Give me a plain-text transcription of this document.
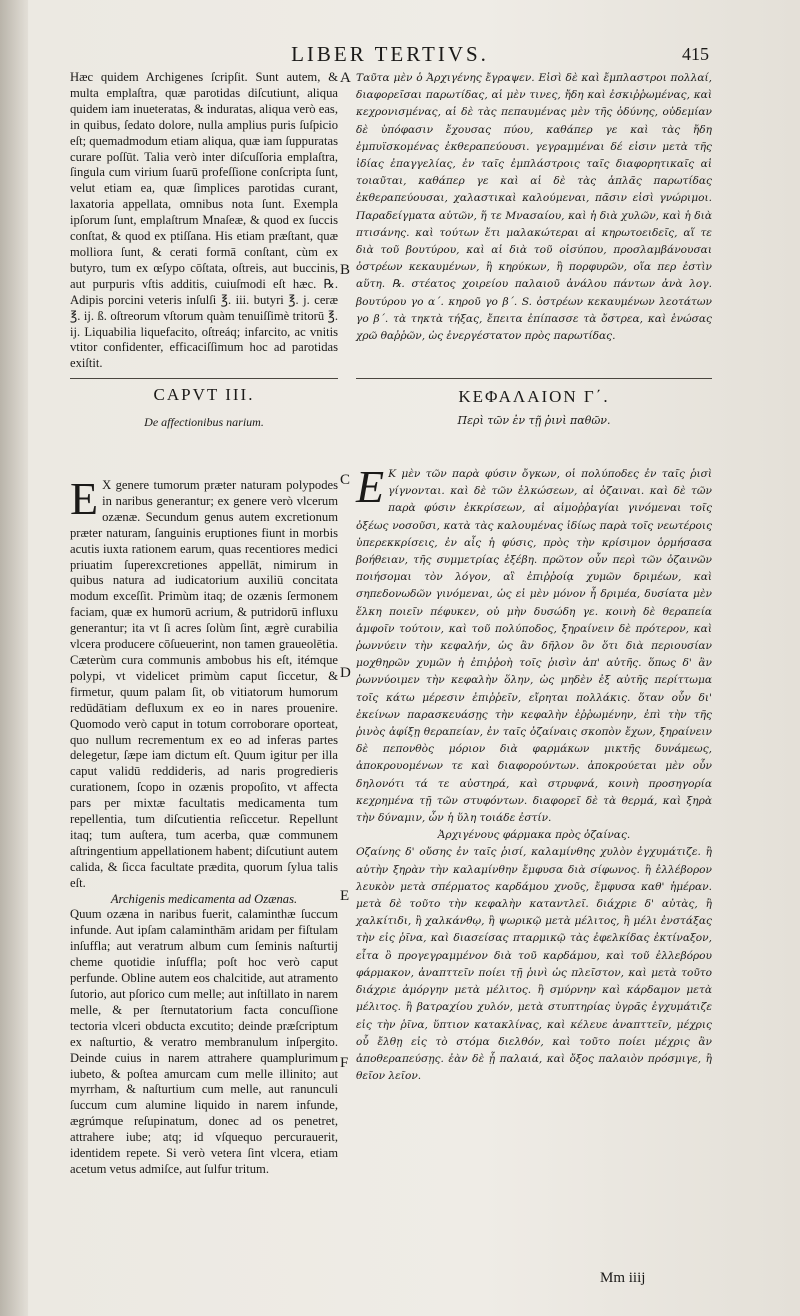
LIBER TERTIVS.	415

Hæc quidem Archigenes ſcripſit. Sunt autem, & multa emplaſtra, quæ parotidas diſcutiunt, aliqua quidem iam inueteratas, & induratas, aliqua verò eas, in quibus, ſedato dolore, nulla amplius puris ſuſpicio eſt; quemadmodum etiam aliqua, quæ iam ſuppuratas curare poſſūt. Talia verò inter diſcuſſoria emplaſtra, ſingula cum virium ſuarū profeſſione conſcripta ſunt, velut etiam ea, quæ ſimplices parotidas curant, laxatoria appellata, omnibus nota ſunt. Exempla ipſorum ſunt, emplaſtrum Mnaſeæ, & quod ex ſuccis conſtat, & quod ex ptiſſana. His etiam præſtant, quæ molliora ſunt, & cerati formā conſtant, cùm ex butyro, tum ex œſypo cōſtata, oſtreis, aut buccinis, aut purpuris vſtis additis, cuiuſmodi eſt hæc. ℞. Adipis porcini veteris inſulſi ℥. iii. butyri ℥. j. ceræ ℥. ij. ß. oſtreorum vſtorum quàm tenuiſſimè tritorū ℥. ij. Liquabilia liquefacito, oſtreáq; infarcito, ac vnitis vtitor confidenter, efficaciſſimum hoc ad parotidas exiſtit.

Ταῦτα μὲν ὁ Ἀρχιγένης ἔγραψεν. Εἰσὶ δὲ καὶ ἔμπλαστροι πολλαί, διαφορεῖσαι παρωτίδας, αἱ μὲν τινες, ἤδη καὶ ἐσκιῤῥωμένας, καὶ κεχρονισμένας, αἱ δὲ τὰς πεπαυμένας μὲν τῆς ὀδύνης, οὐδεμίαν δὲ ὑπόφασιν ἔχουσας πύου, καθάπερ γε καὶ τὰς ἤδη ἐμπυϊσκομένας ἐκθεραπεύουσι. γεγραμμέναι δέ εἰσιν μετὰ τῆς ἰδίας ἐπαγγελίας, ἐν ταῖς ἐμπλάστροις ταῖς διαφορητικαῖς αἱ τοιαῦται, καθάπερ γε καὶ αἱ δὲ τὰς ἁπλᾶς παρωτίδας ἐκθεραπεύουσαι, χαλαστικαὶ καλούμεναι, πᾶσιν εἰσὶ γνώριμοι. Παραδείγματα αὐτῶν, ἥ τε Μνασαίου, καὶ ἡ διὰ χυλῶν, καὶ ἡ διὰ πτισάνης. καὶ τούτων ἔτι μαλακώτεραι αἱ κηρωτοειδεῖς, αἵ τε διὰ τοῦ βουτύρου, καὶ αἱ διὰ τοῦ οἰσύπου, προσλαμβάνουσαι ὀστρέων κεκαυμένων, ἢ κηρύκων, ἢ πορφυρῶν, οἵα περ ἐστὶν αὕτη. ℞. στέατος χοιρείου παλαιοῦ ἀνάλου πάντων ἀνὰ λογ. βουτύρου γο α΄. κηροῦ γο β΄. S. ὀστρέων κεκαυμένων λεοτάτων γο β΄. τὰ τηκτὰ τήξας, ἔπειτα ἐπίπασσε τὰ ὄστρεα, καὶ ἑνώσας χρῶ θαῤῥῶν, ὡς ἐνεργέστατον πρὸς παρωτίδας.

A
B
C
D
E
F
CAPVT III.
De affectionibus narium.
ΚΕΦΑΛΑΙΟΝ Γ΄.
Περὶ τῶν ἐν τῇ ῥινὶ παθῶν.

E X genere tumorum præter naturam polypodes in naribus generantur; ex genere verò vlcerum ozænæ. Secundum genus autem excretionum præter naturam, ſanguinis eruptiones fiunt in morbis acutis iuxta rationem earum, quas recentiores medici priuatim ſuperexcretiones appellāt, nimirum in quibus natura ad iudicatorium auxiliū concitata modum exceſſit. Primùm itaq; de ozænis ſermonem faciam, quæ ex humorū acrium, & putridorū influxu generantur; ita vt ſi acres ſolùm ſint, ægrè curabilia vlcera producere cōſueuerint, non tamen graueolētia. Cæterùm cura communis ambobus his eſt, itémque polypi, vt videlicet primùm caput ſiccetur, & firmetur, quum palam ſit, ob vitiatorum humorum redūdātiam defluxum ex eo in nares prouenire. Quomodo verò caput in totum corroborare oporteat, quo nullum recrementum ex eo ad inferas partes delegetur, ſæpe iam dictum eſt. Quum igitur per illa caput validū reddideris, ad naris progredieris curationem, ſcopo in ozænis propoſito, vt affecta pars per mixtæ facultatis medicamenta tum repellentia, tum diſcutientia reſiccetur. Repellunt itaq; tum auſtera, tum acerba, quæ communem aſtringentium appellationem habent; diſcutiunt autem calida, & ſicca facultate prædita, quorum ſylua talis eſt.

Archigenis medicamenta ad Ozænas.

Quum ozæna in naribus fuerit, calaminthæ ſuccum infunde. Aut ipſam calaminthām aridam per fiſtulam inſuffla; aut veratrum album cum ſeminis naſturtij cheme quotidie inſuffla; poſt hoc verò caput perfunde. Obline autem eos chalcitide, aut atramento ſutorio, aut pſorico cum melle; aut inſtillato in narem melle, & per ſternutatorium facta concuſſione tectoria vlceri obducta excutito; deinde præſcriptum ex naſturtio, & veratro membranulum inſpergito. Deinde cuius in narem attrahere quamplurimum iubeto, & poſtea amurcam cum melle illinito; aut myrrham, & naſturtium cum melle, aut ranunculi ſuccum cum alumine liquido in narem infunde, ægrúmque reſupinatum, donec ad os penetret, attrahere iube; atq; id vſquequo percurauerit, identidem repete. Si verò vetera ſint vlcera, etiam acetum vetus admiſce, aut ſulfur tritum.

Ε Κ μὲν τῶν παρὰ φύσιν ὄγκων, οἱ πολύποδες ἐν ταῖς ῥισὶ γίγνονται. καὶ δὲ τῶν ἑλκώσεων, αἱ ὀζαιναι. καὶ δὲ τῶν παρὰ φύσιν ἐκκρίσεων, αἱ αἱμοῤῥαγίαι γινόμεναι τοῖς ὀξέως νοσοῦσι, κατὰ τὰς καλουμένας ἰδίως παρὰ τοῖς νεωτέροις ὑπερεκκρίσεις, ἐν αἷς ἡ φύσις, πρὸς τὴν κρίσιμον ὁρμήσασα βοήθειαν, τῆς συμμετρίας ἐξέβη. πρῶτον οὖν περὶ τῶν ὀζαινῶν ποιήσομαι τὸν λόγον, αἳ ἐπιῤῥοίᾳ χυμῶν δριμέων, καὶ σηπεδονωδῶν γινόμεναι, ὡς εἰ μὲν μόνον ἦ δριμέα, δυσίατα μὲν ἕλκη ποιεῖν πέφυκεν, οὐ μὴν δυσώδη γε. κοινὴ δὲ θεραπεία ἀμφοῖν τούτοιν, καὶ τοῦ πολύποδος, ξηραίνειν δὲ πρότερον, καὶ ῥωννύειν τὴν κεφαλήν, ὡς ἂν δῆλον ὂν ὅτι διὰ περιουσίαν μοχθηρῶν χυμῶν ἡ ἐπιῤῥοὴ τοῖς ῥισὶν ἀπ' αὐτῆς. ὅπως δ' ἂν ῥωννύοιμεν τὴν κεφαλὴν ὅλην, ὡς μηδὲν ἐξ αὐτῆς περίττωμα τοῖς κάτω μέρεσιν ἐπιῤῥεῖν, εἴρηται πολλάκις. ὅταν οὖν δι' ἐκείνων παρασκευάσῃς τὴν κεφαλὴν ἐῤῥωμένην, ἐπὶ τὴν τῆς ῥινὸς ἀφίξῃ θεραπείαν, ἐν ταῖς ὀζαίναις σκοπὸν ἔχων, ξηραίνειν δὲ πεπονθὸς μόριον διὰ φαρμάκων μικτῆς δυνάμεως, ἀποκρουομένων τε καὶ διαφορούντων. ἀποκρούεται μὲν οὖν δηλονότι τά τε αὐστηρά, καὶ στρυφνά, κοινὴ προσηγορία κεχρημένα τῇ τῶν στυφόντων. διαφορεῖ δὲ τὰ θερμά, καὶ ξηρὰ τὴν δύναμιν, ὧν ἡ ὕλη τοιάδε ἐστίν.

Ἀρχιγένους φάρμακα πρὸς ὀζαίνας.

Οζαίνης δ' οὔσης ἐν ταῖς ῥισί, καλαμίνθης χυλὸν ἐγχυμάτιζε. ἢ αὐτὴν ξηρὰν τὴν καλαμίνθην ἔμφυσα διὰ σίφωνος. ἢ ἐλλέβορον λευκὸν μετὰ σπέρματος καρδάμου χνοῦς, ἔμφυσα καθ' ἡμέραν. μετὰ δὲ τοῦτο τὴν κεφαλὴν καταντλεῖ. διάχριε δ' αὐτὰς, ἢ χαλκίτιδι, ἢ χαλκάνθῳ, ἢ ψωρικῷ μετὰ μέλιτος, ἢ μέλι ἐνστάξας τὴν εἰς ῥῖνα, καὶ διασείσας πταρμικῷ τὰς ἐφελκίδας ἐκτίναξον, εἶτα ὃ προγεγραμμένον διὰ τοῦ καρδάμου, καὶ τοῦ ἐλλεβόρου φάρμακον, ἀναπττεῖν ποίει τῇ ῥινὶ ὡς πλεῖστον, καὶ μετὰ τοῦτο διάχριε ἀμόργην μετὰ μέλιτος. ἢ σμύρνην καὶ κάρδαμον μετὰ μέλιτος. ἢ βατραχίου χυλόν, μετὰ στυπτηρίας ὑγρᾶς ἐγχυμάτιζε εἰς τὴν ῥῖνα, ὕπτιον κατακλίνας, καὶ κέλευε ἀναπττεῖν, μέχρις οὗ ἔλθῃ εἰς τὸ στόμα διελθόν, καὶ τοῦτο ποίει μέχρις ἂν ἀποθεραπεύσῃς. ἐὰν δὲ ᾖ παλαιά, καὶ ὄξος παλαιὸν πρόσμιγε, ἢ θεῖον λεῖον.

Mm iiij
